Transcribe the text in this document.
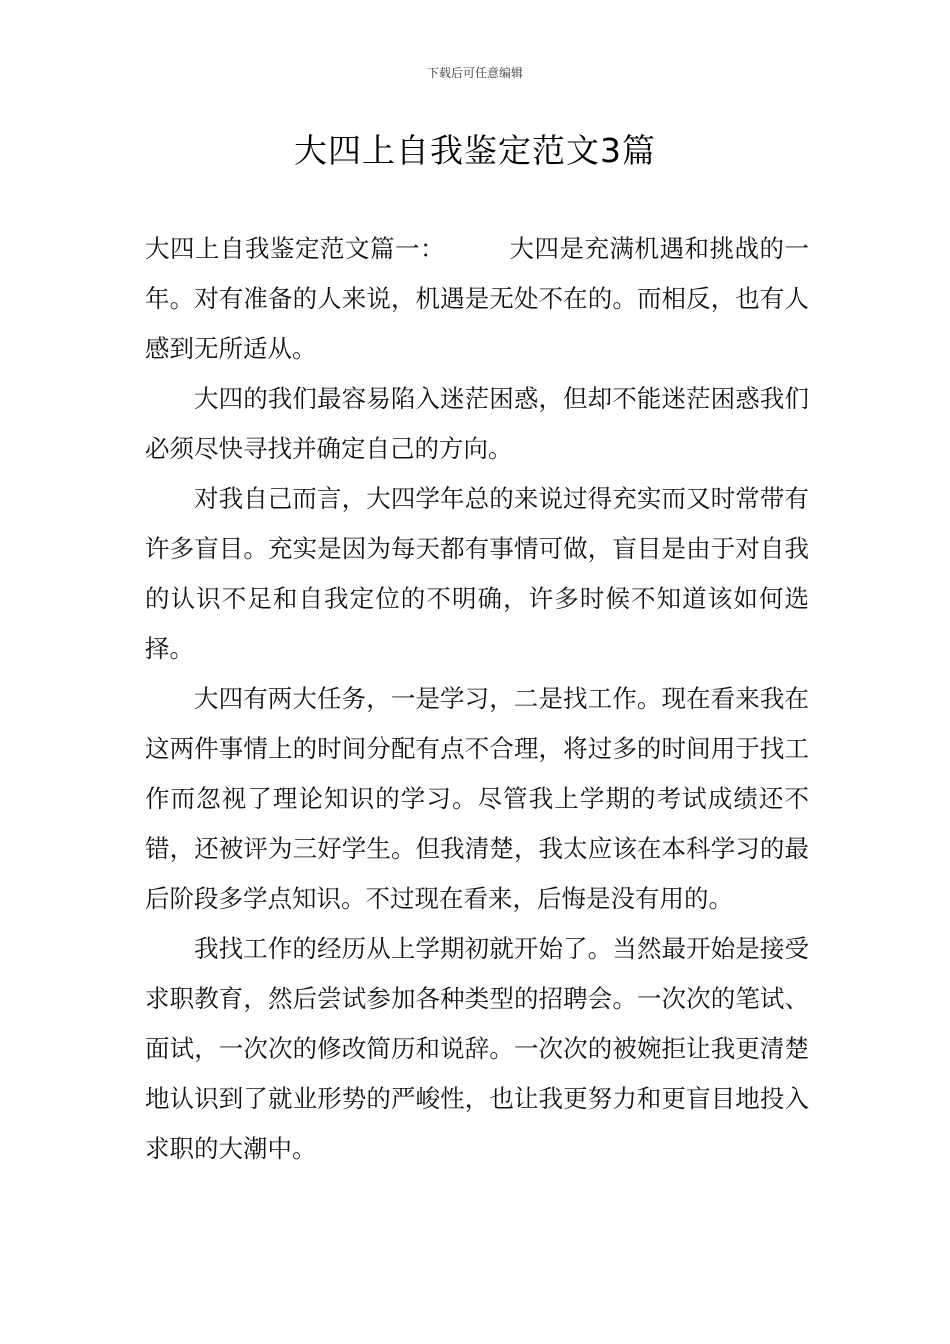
下载后可任意编辑
大四上自我鉴定范文3篇

大四上自我鉴定范文篇一：	大四是充满机遇和挑战的一年。对有准备的人来说，机遇是无处不在的。而相反，也有人感到无所适从。

大四的我们最容易陷入迷茫困惑，但却不能迷茫困惑我们必须尽快寻找并确定自己的方向。

对我自己而言，大四学年总的来说过得充实而又时常带有许多盲目。充实是因为每天都有事情可做，盲目是由于对自我的认识不足和自我定位的不明确，许多时候不知道该如何选择。

大四有两大任务，一是学习，二是找工作。现在看来我在这两件事情上的时间分配有点不合理，将过多的时间用于找工作而忽视了理论知识的学习。尽管我上学期的考试成绩还不错，还被评为三好学生。但我清楚，我太应该在本科学习的最后阶段多学点知识。不过现在看来，后悔是没有用的。

我找工作的经历从上学期初就开始了。当然最开始是接受求职教育，然后尝试参加各种类型的招聘会。一次次的笔试、面试，一次次的修改简历和说辞。一次次的被婉拒让我更清楚地认识到了就业形势的严峻性，也让我更努力和更盲目地投入求职的大潮中。
